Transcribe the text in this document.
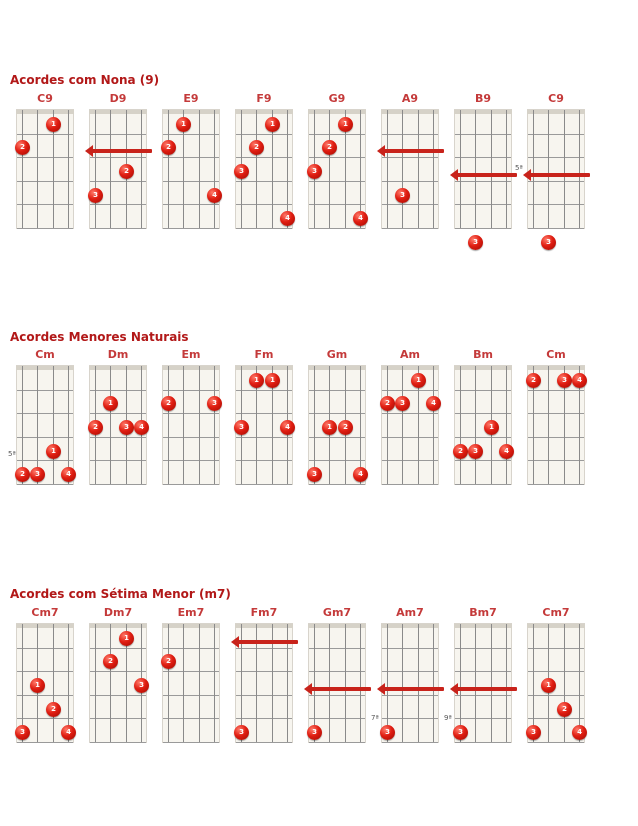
Acordes com Nona (9)
Acordes Menores Naturais
Acordes com Sétima Menor (m7)
C9
2
1
D9
3
2
E9
2
1
4
F9
3
2
1
4
G9
3
2
1
4
A9
3
B9
3
5ª
C9
3
Cm
2	3
1
4
5ª
Dm
2
1
3	4
Em
2	3
Fm
3
1	1
4
Gm
3
1	2
4
Am
2	3
1
4
Bm
2	3
1
4
Cm
2	3	4
Cm7
3
1
2
4
Dm7
2
1
3
Em7
2
Fm7
3
Gm7
3
Am7
3
7ª
Bm7
3
9ª
Cm7
3
1
2
4
